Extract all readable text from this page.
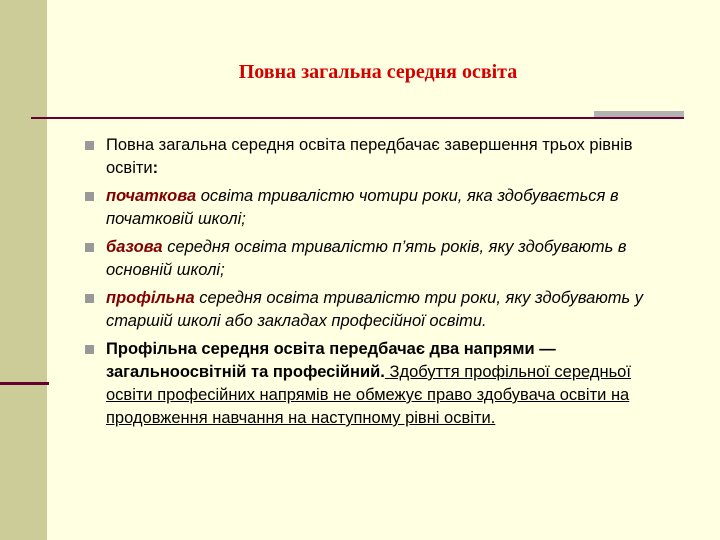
Повна загальна середня освіта
Повна загальна середня освіта передбачає завершення трьох рівнів освіти:
початкова освіта тривалістю чотири роки, яка здобувається в початковій школі;
базова середня освіта тривалістю п’ять років, яку здобувають в основній школі;
профільна середня освіта тривалістю три роки, яку здобувають у старшій школі або закладах професійної освіти.
Профільна середня освіта передбачає два напрями — загальноосвітній та професійний. Здобуття профільної середньої освіти професійних напрямів не обмежує право здобувача освіти на продовження навчання на наступному рівні освіти.
